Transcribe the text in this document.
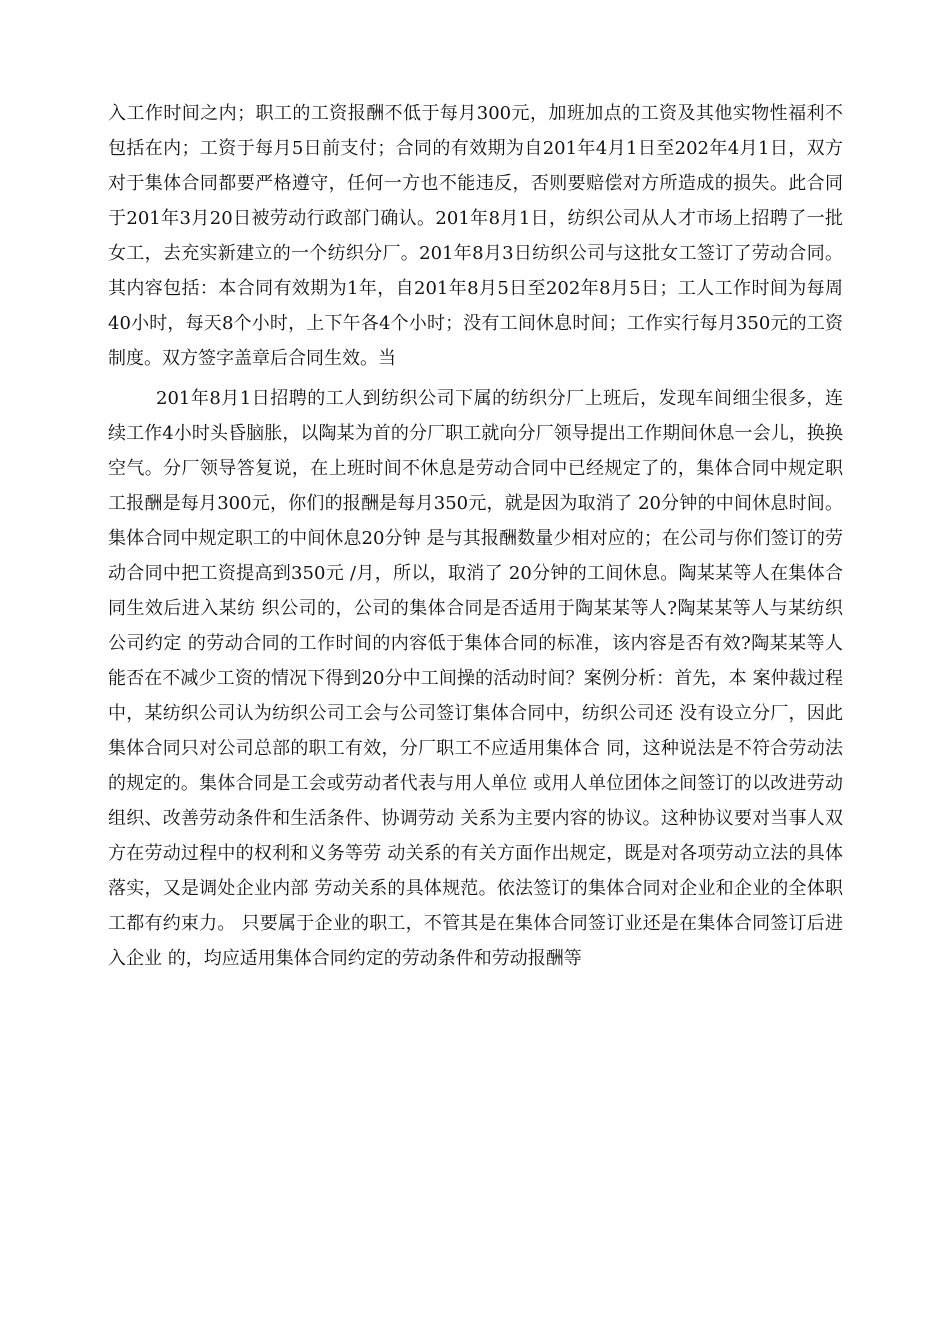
入工作时间之内；职工的工资报酬不低于每月300元，加班加点的工资及其他实物性福利不包括在内；工资于每月5日前支付；合同的有效期为自201年4月1日至202年4月1日，双方对于集体合同都要严格遵守，任何一方也不能违反，否则要赔偿对方所造成的损失。此合同于201年3月20日被劳动行政部门确认。201年8月1日，纺织公司从人才市场上招聘了一批女工，去充实新建立的一个纺织分厂。201年8月3日纺织公司与这批女工签订了劳动合同。其内容包括：本合同有效期为1年，自201年8月5日至202年8月5日；工人工作时间为每周40小时，每天8个小时，上下午各4个小时；没有工间休息时间；工作实行每月350元的工资制度。双方签字盖章后合同生效。当

201年8月1日招聘的工人到纺织公司下属的纺织分厂上班后，发现车间细尘很多，连续工作4小时头昏脑胀，以陶某为首的分厂职工就向分厂领导提出工作期间休息一会儿，换换空气。分厂领导答复说，在上班时间不休息是劳动合同中已经规定了的，集体合同中规定职工报酬是每月300元，你们的报酬是每月350元，就是因为取消了 20分钟的中间休息时间。集体合同中规定职工的中间休息20分钟 是与其报酬数量少相对应的；在公司与你们签订的劳动合同中把工资提高到350元 /月，所以，取消了 20分钟的工间休息。陶某某等人在集体合同生效后进入某纺 织公司的，公司的集体合同是否适用于陶某某等人?陶某某等人与某纺织公司约定 的劳动合同的工作时间的内容低于集体合同的标准，该内容是否有效?陶某某等人 能否在不减少工资的情况下得到20分中工间操的活动时间？案例分析：首先，本 案仲裁过程中，某纺织公司认为纺织公司工会与公司签订集体合同中，纺织公司还 没有设立分厂，因此集体合同只对公司总部的职工有效，分厂职工不应适用集体合 同，这种说法是不符合劳动法的规定的。集体合同是工会或劳动者代表与用人单位 或用人单位团体之间签订的以改进劳动组织、改善劳动条件和生活条件、协调劳动 关系为主要内容的协议。这种协议要对当事人双方在劳动过程中的权利和义务等劳 动关系的有关方面作出规定，既是对各项劳动立法的具体落实，又是调处企业内部 劳动关系的具体规范。依法签订的集体合同对企业和企业的全体职工都有约束力。 只要属于企业的职工，不管其是在集体合同签订业还是在集体合同签订后进入企业 的，均应适用集体合同约定的劳动条件和劳动报酬等
